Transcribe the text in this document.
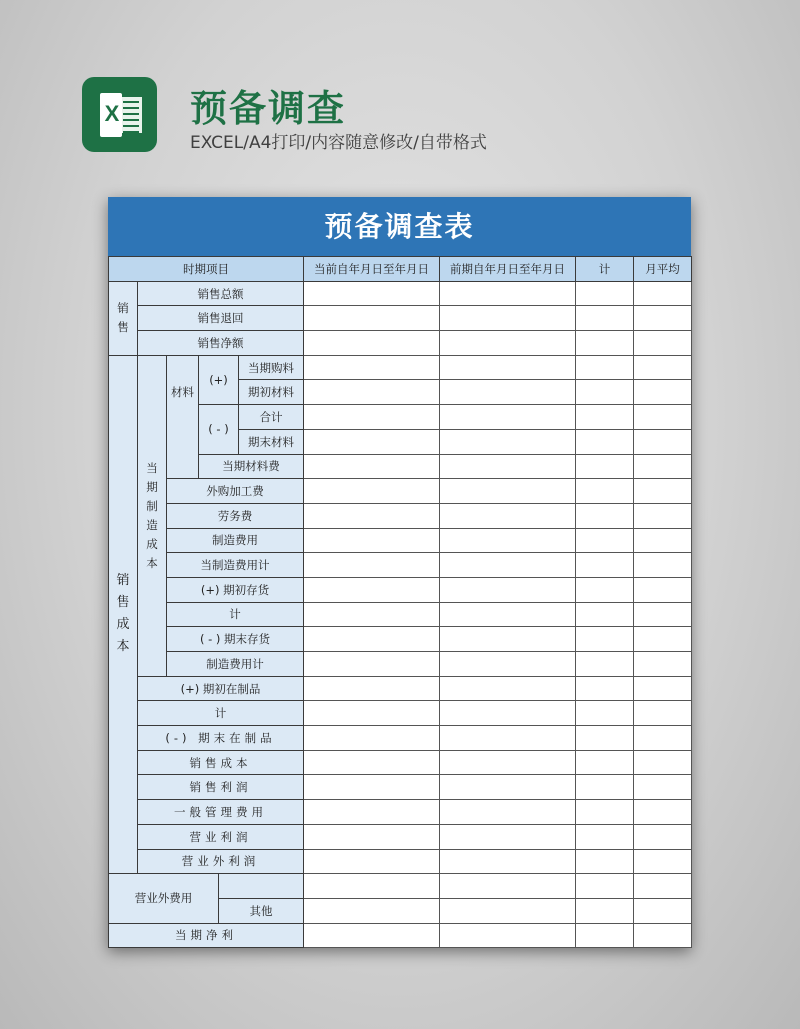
X 预备调查
EXCEL/A4打印/内容随意修改/自带格式
预备调查表
时期项目						当前自年月日至年月日	前期自年月日至年月日	计	月平均
销售	销售总额								
	销售退回								
	销售净额								
销售成本	当期制造成本	材料	(+)		当期购料				
					期初材料				
			( - )		合计				
					期末材料				
			当期材料费						
		外购加工费							
		劳务费							
		制造费用							
		当制造费用计							
		(+) 期初存货							
		计							
		( - ) 期末存货							
		制造费用计							
	(+) 期初在制品								
	计								
	(-) 期末在制品								
	销售成本								
	销售利润								
	一般管理费用								
	营业利润								
	营业外利润								
营业外费用									
				其他					
当期净利									
